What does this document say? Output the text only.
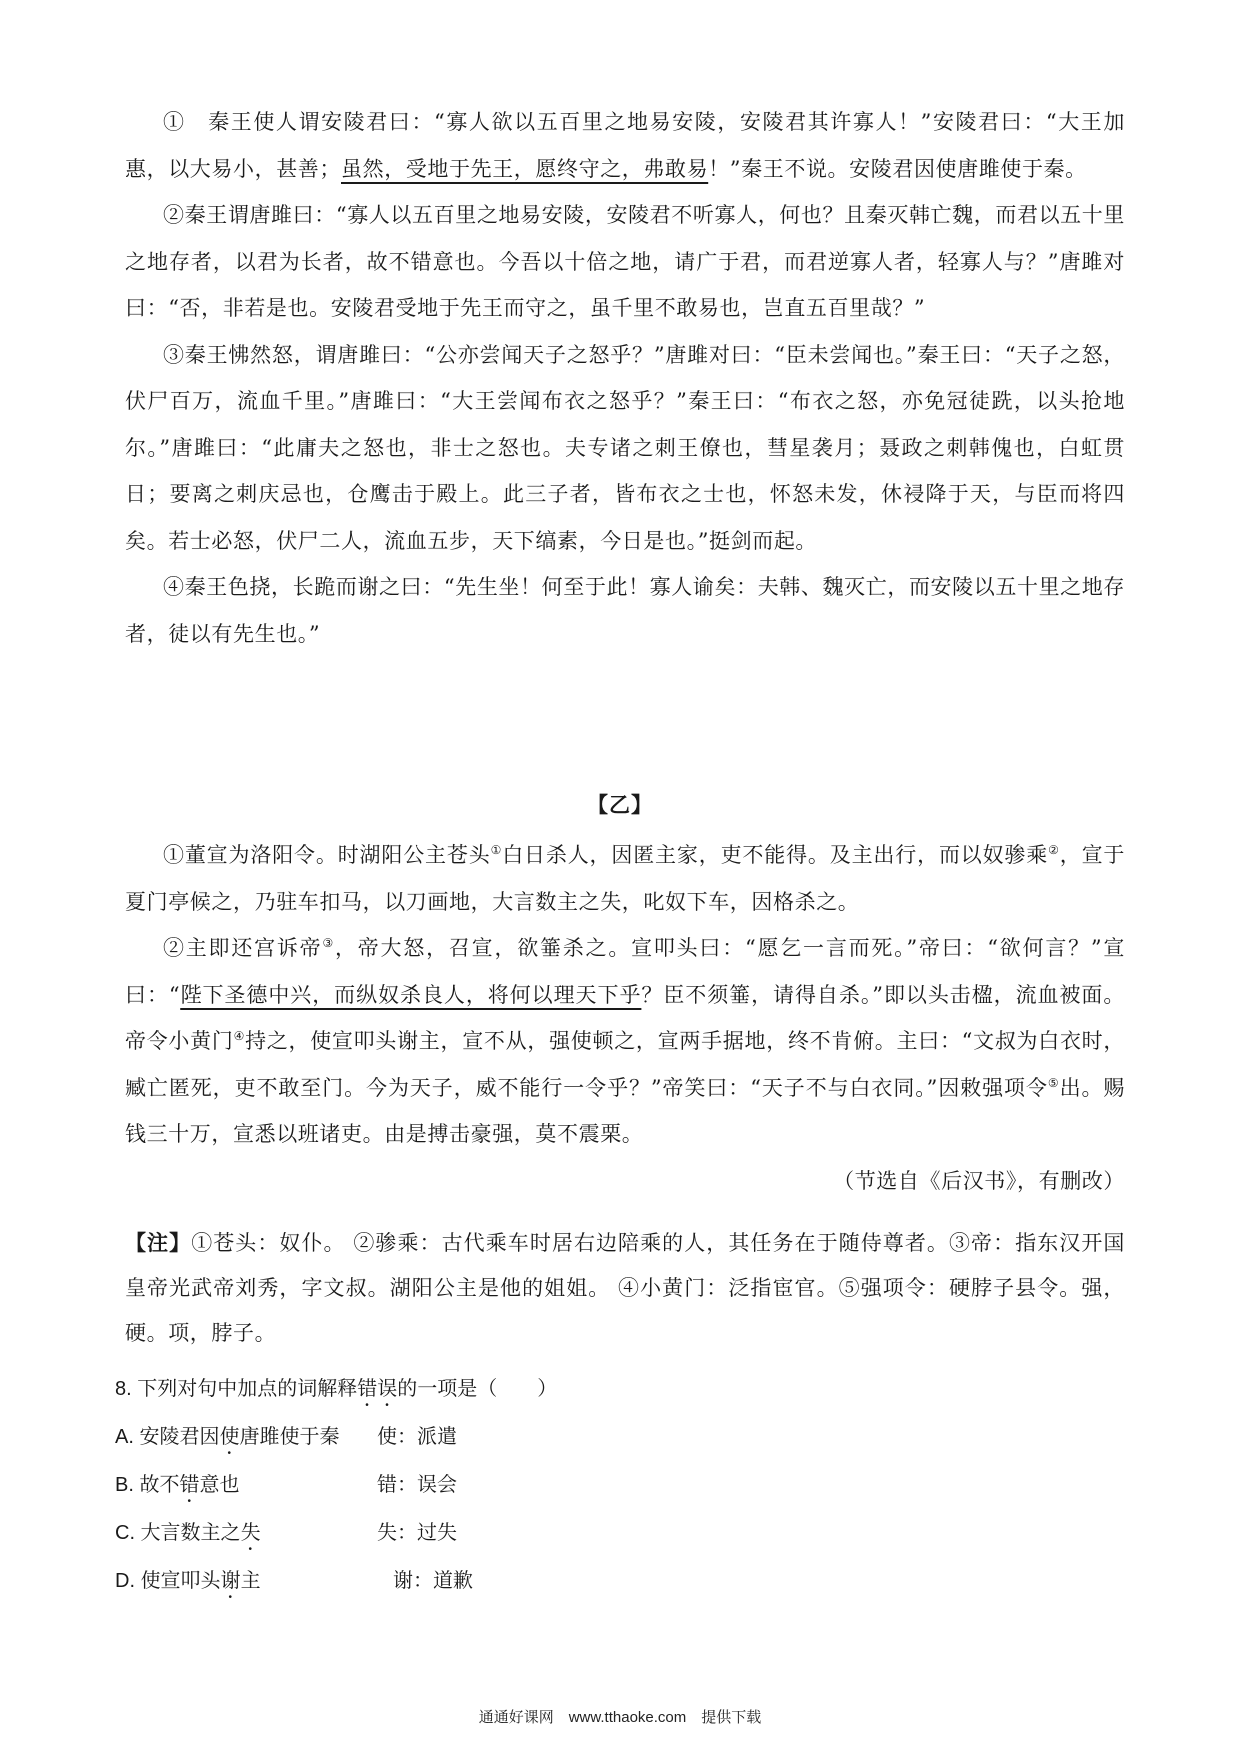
①　秦王使人谓安陵君曰：“寡人欲以五百里之地易安陵，安陵君其许寡人！”安陵君曰：“大王加惠，以大易小，甚善；虽然，受地于先王，愿终守之，弗敢易！”秦王不说。安陵君因使唐雎使于秦。

②秦王谓唐雎曰：“寡人以五百里之地易安陵，安陵君不听寡人，何也？且秦灭韩亡魏，而君以五十里之地存者，以君为长者，故不错意也。今吾以十倍之地，请广于君，而君逆寡人者，轻寡人与？”唐雎对曰：“否，非若是也。安陵君受地于先王而守之，虽千里不敢易也，岂直五百里哉？”

③秦王怫然怒，谓唐雎曰：“公亦尝闻天子之怒乎？”唐雎对曰：“臣未尝闻也。”秦王曰：“天子之怒，伏尸百万，流血千里。”唐雎曰：“大王尝闻布衣之怒乎？”秦王曰：“布衣之怒，亦免冠徒跣，以头抢地尔。”唐雎曰：“此庸夫之怒也，非士之怒也。夫专诸之刺王僚也，彗星袭月；聂政之刺韩傀也，白虹贯日；要离之刺庆忌也，仓鹰击于殿上。此三子者，皆布衣之士也，怀怒未发，休祲降于天，与臣而将四矣。若士必怒，伏尸二人，流血五步，天下缟素，今日是也。”挺剑而起。

④秦王色挠，长跪而谢之曰：“先生坐！何至于此！寡人谕矣：夫韩、魏灭亡，而安陵以五十里之地存者，徒以有先生也。”

【乙】

①董宣为洛阳令。时湖阳公主苍头①白日杀人，因匿主家，吏不能得。及主出行，而以奴骖乘②，宣于夏门亭候之，乃驻车扣马，以刀画地，大言数主之失，叱奴下车，因格杀之。

②主即还宫诉帝③，帝大怒，召宣，欲箠杀之。宣叩头曰：“愿乞一言而死。”帝曰：“欲何言？”宣曰：“陛下圣德中兴，而纵奴杀良人，将何以理天下乎？臣不须箠，请得自杀。”即以头击楹，流血被面。帝令小黄门④持之，使宣叩头谢主，宣不从，强使顿之，宣两手据地，终不肯俯。主曰：“文叔为白衣时，臧亡匿死，吏不敢至门。今为天子，威不能行一令乎？”帝笑曰：“天子不与白衣同。”因敕强项令⑤出。赐钱三十万，宣悉以班诸吏。由是搏击豪强，莫不震栗。

（节选自《后汉书》，有删改）

【注】①苍头：奴仆。 ②骖乘：古代乘车时居右边陪乘的人，其任务在于随侍尊者。③帝：指东汉开国皇帝光武帝刘秀，字文叔。湖阳公主是他的姐姐。 ④小黄门：泛指宦官。⑤强项令：硬脖子县令。强，硬。项，脖子。

8. 下列对句中加点的词解释错误的一项是（　　）

A. 安陵君因使唐雎使于秦 使：派遣
B. 故不错意也	错：误会
C. 大言数主之失	失：过失
D. 使宣叩头谢主	谢：道歉
通通好课网　www.tthaoke.com　提供下载
